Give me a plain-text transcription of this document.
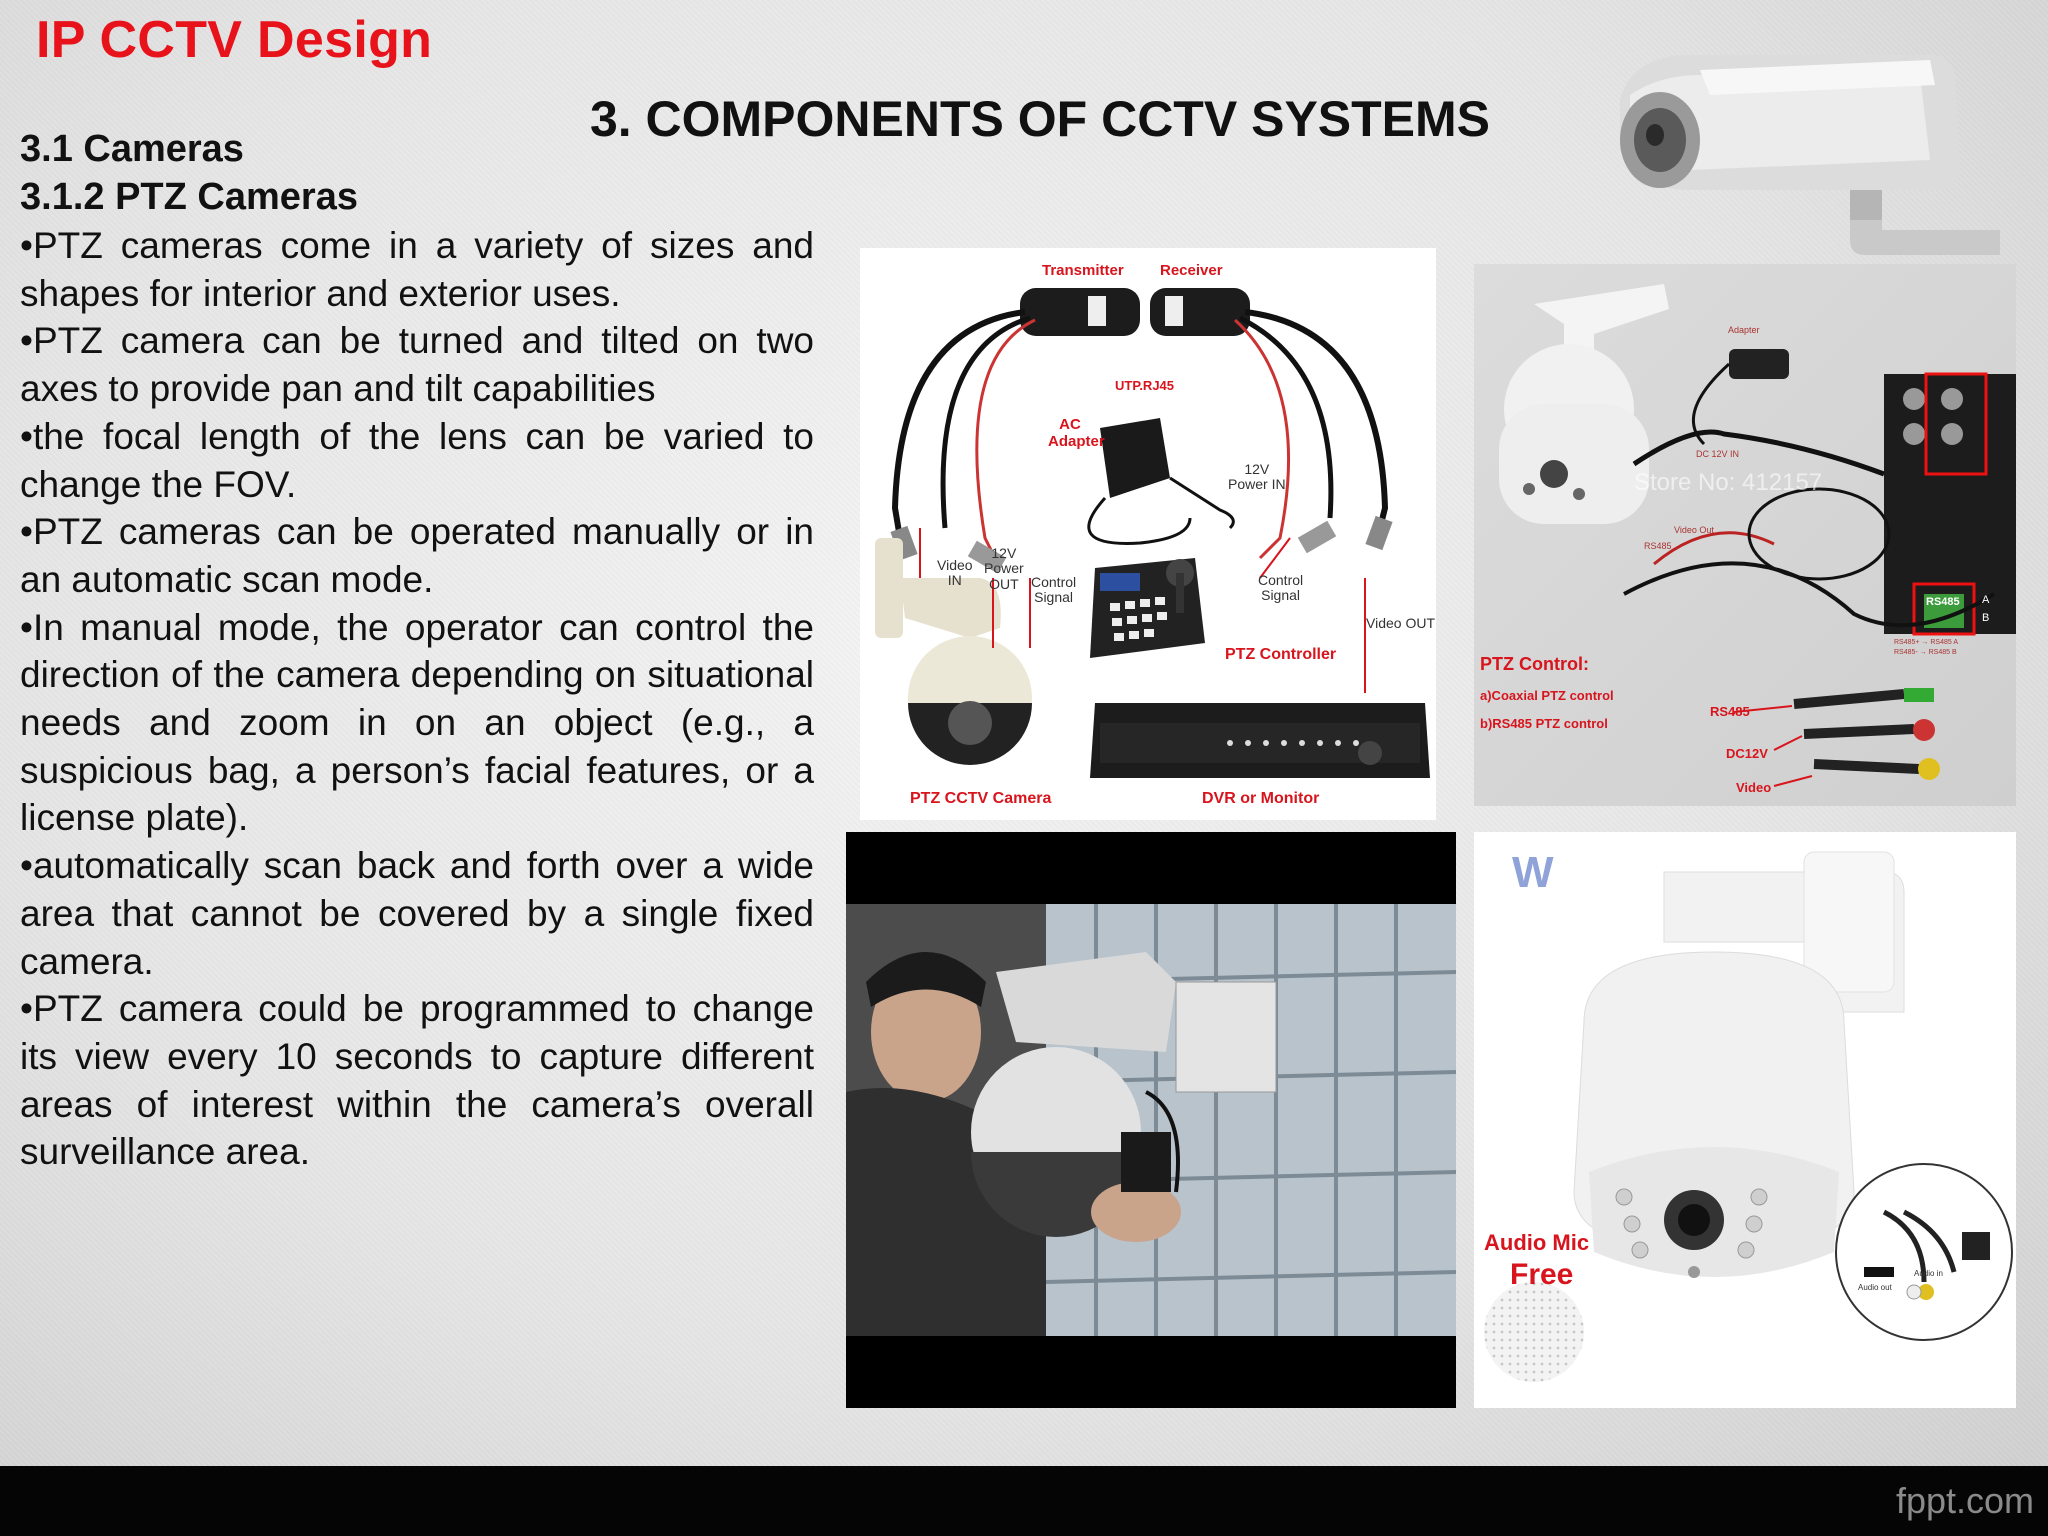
IP CCTV Design
3. COMPONENTS OF CCTV SYSTEMS
3.1 Cameras
3.1.2 PTZ Cameras

•PTZ cameras come in a variety of sizes and shapes for interior and exterior uses.

•PTZ camera can be turned and tilted on two axes to provide pan and tilt capabilities

•the focal length of the lens can be varied to change the FOV.

•PTZ cameras can be operated manually or in an automatic scan mode.

•In manual mode, the operator can control the direction of the camera depending on situational needs and zoom in on an object (e.g., a suspicious bag, a person’s facial features, or a license plate).

•automatically scan back and forth over a wide area that cannot be covered by a single fixed camera.

•PTZ camera could be programmed to change its view every 10 seconds to capture different areas of interest within the camera’s overall surveillance area.

Transmitter Receiver
UTP.RJ45
AC
Adapter
12V
Power IN
Video
IN
12V
Power
OUT Control
Signal
Control
Signal
Video OUT
PTZ Controller
PTZ CCTV Camera	DVR or Monitor
Adapter
DC 12V IN
Video Out
RS485
Store No: 412157
RS485 A
B
RS485+ → RS485 A
RS485- → RS485 B
PTZ Control:
a)Coaxial PTZ control
b)RS485 PTZ control
RS485
DC12V
Video
W
Audio Mic
Free	Audio out
Audio in
fppt.com
